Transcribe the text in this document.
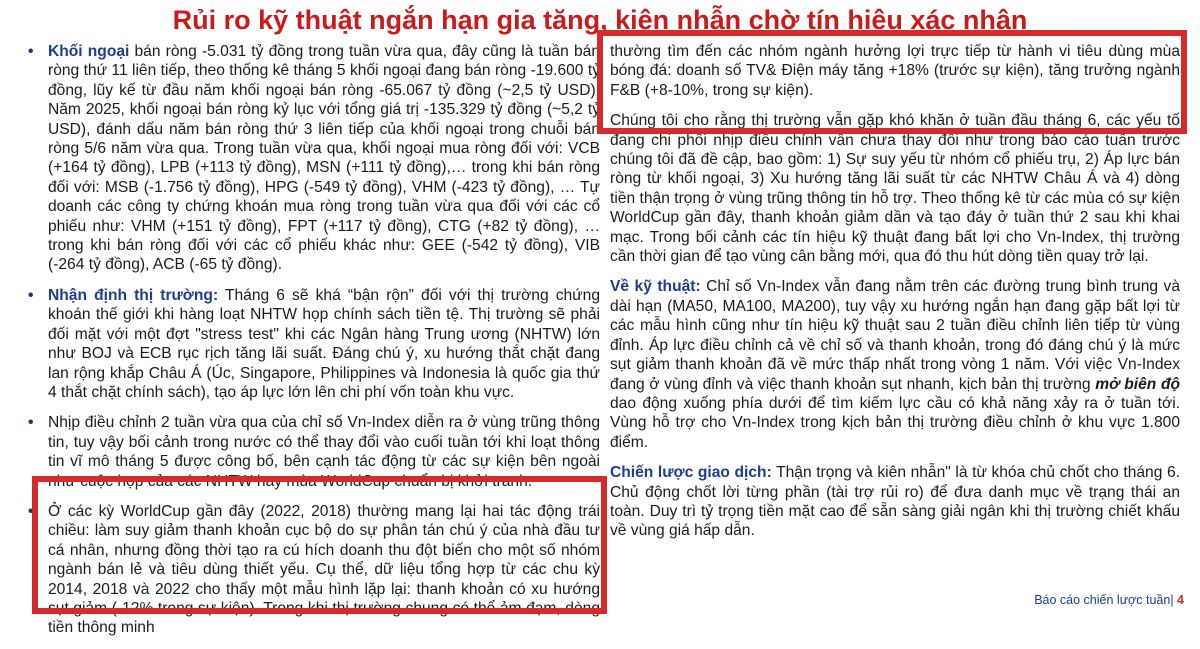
Rủi ro kỹ thuật ngắn hạn gia tăng, kiên nhẫn chờ tín hiệu xác nhận
• Khối ngoại bán ròng -5.031 tỷ đồng trong tuần vừa qua, đây cũng là tuần bán ròng thứ 11 liên tiếp, theo thống kê tháng 5 khối ngoại đang bán ròng -19.600 tỷ đồng, lũy kế từ đầu năm khối ngoại bán ròng -65.067 tỷ đồng (~2,5 tỷ USD). Năm 2025, khối ngoại bán ròng kỷ lục với tổng giá trị -135.329 tỷ đồng (~5,2 tỷ USD), đánh dấu năm bán ròng thứ 3 liên tiếp của khối ngoại trong chuỗi bán ròng 5/6 năm vừa qua. Trong tuần vừa qua, khối ngoại mua ròng đối với: VCB (+164 tỷ đồng), LPB (+113 tỷ đồng), MSN (+111 tỷ đồng),… trong khi bán ròng đối với: MSB (-1.756 tỷ đồng), HPG (-549 tỷ đồng), VHM (-423 tỷ đồng), … Tự doanh các công ty chứng khoán mua ròng trong tuần vừa qua đối với các cổ phiếu như: VHM (+151 tỷ đồng), FPT (+117 tỷ đồng), CTG (+82 tỷ đồng), … trong khi bán ròng đối với các cổ phiếu khác như: GEE (-542 tỷ đồng), VIB (-264 tỷ đồng), ACB (-65 tỷ đồng).
• Nhận định thị trường: Tháng 6 sẽ khá “bận rộn” đối với thị trường chứng khoán thế giới khi hàng loạt NHTW họp chính sách tiền tệ. Thị trường sẽ phải đối mặt với một đợt "stress test" khi các Ngân hàng Trung ương (NHTW) lớn như BOJ và ECB rục rịch tăng lãi suất. Đáng chú ý, xu hướng thắt chặt đang lan rộng khắp Châu Á (Úc, Singapore, Philippines và Indonesia là quốc gia thứ 4 thắt chặt chính sách), tạo áp lực lớn lên chi phí vốn toàn khu vực.
• Nhịp điều chỉnh 2 tuần vừa qua của chỉ số Vn-Index diễn ra ở vùng trũng thông tin, tuy vậy bối cảnh trong nước có thể thay đổi vào cuối tuần tới khi loạt thông tin vĩ mô tháng 5 được công bố, bên cạnh tác động từ các sự kiện bên ngoài như cuộc họp của các NHTW hay mùa WorldCup chuẩn bị khởi tranh.
• Ở các kỳ WorldCup gần đây (2022, 2018) thường mang lại hai tác động trái chiều: làm suy giảm thanh khoản cục bộ do sự phân tán chú ý của nhà đầu tư cá nhân, nhưng đồng thời tạo ra cú hích doanh thu đột biến cho một số nhóm ngành bán lẻ và tiêu dùng thiết yếu. Cụ thể, dữ liệu tổng hợp từ các chu kỳ 2014, 2018 và 2022 cho thấy một mẫu hình lặp lại: thanh khoản có xu hướng sụt giảm (-12% trong sự kiện). Trong khi thị trường chung có thể ảm đạm, dòng tiền thông minh
thường tìm đến các nhóm ngành hưởng lợi trực tiếp từ hành vi tiêu dùng mùa bóng đá: doanh số TV& Điện máy tăng +18% (trước sự kiện), tăng trưởng ngành F&B (+8-10%, trong sự kiện).
Chúng tôi cho rằng thị trường vẫn gặp khó khăn ở tuần đầu tháng 6, các yếu tố đang chi phối nhịp điều chỉnh vẫn chưa thay đổi như trong báo cáo tuần trước chúng tôi đã đề cập, bao gồm: 1) Sự suy yếu từ nhóm cổ phiếu trụ, 2) Áp lực bán ròng từ khối ngoại, 3) Xu hướng tăng lãi suất từ các NHTW Châu Á và 4) dòng tiền thận trọng ở vùng trũng thông tin hỗ trợ. Theo thống kê từ các mùa có sự kiện WorldCup gần đây, thanh khoản giảm dần và tạo đáy ở tuần thứ 2 sau khi khai mạc. Trong bối cảnh các tín hiệu kỹ thuật đang bất lợi cho Vn-Index, thị trường cần thời gian để tạo vùng cân bằng mới, qua đó thu hút dòng tiền quay trở lại.
Về kỹ thuật: Chỉ số Vn-Index vẫn đang nằm trên các đường trung bình trung và dài hạn (MA50, MA100, MA200), tuy vậy xu hướng ngắn hạn đang gặp bất lợi từ các mẫu hình cũng như tín hiệu kỹ thuật sau 2 tuần điều chỉnh liên tiếp từ vùng đỉnh. Áp lực điều chỉnh cả về chỉ số và thanh khoản, trong đó đáng chú ý là mức sụt giảm thanh khoản đã về mức thấp nhất trong vòng 1 năm. Với việc Vn-Index đang ở vùng đỉnh và việc thanh khoản sụt nhanh, kịch bản thị trường mở biên độ dao động xuống phía dưới để tìm kiếm lực cầu có khả năng xảy ra ở tuần tới. Vùng hỗ trợ cho Vn-Index trong kịch bản thị trường điều chỉnh ở khu vực 1.800 điểm.
Chiến lược giao dịch: Thận trọng và kiên nhẫn" là từ khóa chủ chốt cho tháng 6. Chủ động chốt lời từng phần (tài trợ rủi ro) để đưa danh mục về trạng thái an toàn. Duy trì tỷ trọng tiền mặt cao để sẵn sàng giải ngân khi thị trường chiết khấu về vùng giá hấp dẫn.
Báo cáo chiến lược tuần| 4
